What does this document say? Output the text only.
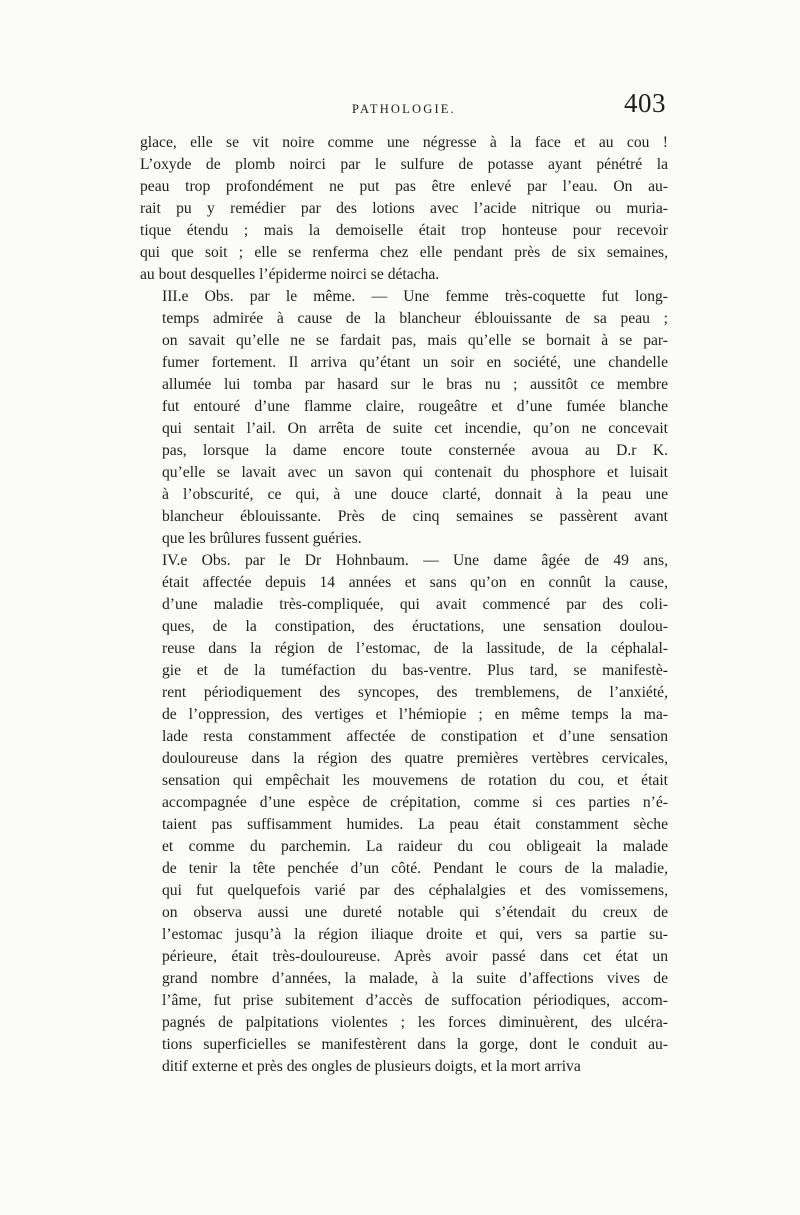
PATHOLOGIE.	403

glace, elle se vit noire comme une négresse à la face et au cou !
L’oxyde de plomb noirci par le sulfure de potasse ayant pénétré la
peau trop profondément ne put pas être enlevé par l’eau. On au-
rait pu y remédier par des lotions avec l’acide nitrique ou muria-
tique étendu ; mais la demoiselle était trop honteuse pour recevoir
qui que soit ; elle se renferma chez elle pendant près de six semaines,
au bout desquelles l’épiderme noirci se détacha.

III.e Obs. par le même. — Une femme très-coquette fut long-
temps admirée à cause de la blancheur éblouissante de sa peau ;
on savait qu’elle ne se fardait pas, mais qu’elle se bornait à se par-
fumer fortement. Il arriva qu’étant un soir en société, une chandelle
allumée lui tomba par hasard sur le bras nu ; aussitôt ce membre
fut entouré d’une flamme claire, rougeâtre et d’une fumée blanche
qui sentait l’ail. On arrêta de suite cet incendie, qu’on ne concevait
pas, lorsque la dame encore toute consternée avoua au D.r K.
qu’elle se lavait avec un savon qui contenait du phosphore et luisait
à l’obscurité, ce qui, à une douce clarté, donnait à la peau une
blancheur éblouissante. Près de cinq semaines se passèrent avant
que les brûlures fussent guéries.

IV.e Obs. par le Dr Hohnbaum. — Une dame âgée de 49 ans,
était affectée depuis 14 années et sans qu’on en connût la cause,
d’une maladie très-compliquée, qui avait commencé par des coli-
ques, de la constipation, des éructations, une sensation doulou-
reuse dans la région de l’estomac, de la lassitude, de la céphalal-
gie et de la tuméfaction du bas-ventre. Plus tard, se manifestè-
rent périodiquement des syncopes, des tremblemens, de l’anxiété,
de l’oppression, des vertiges et l’hémiopie ; en même temps la ma-
lade resta constamment affectée de constipation et d’une sensation
douloureuse dans la région des quatre premières vertèbres cervicales,
sensation qui empêchait les mouvemens de rotation du cou, et était
accompagnée d’une espèce de crépitation, comme si ces parties n’é-
taient pas suffisamment humides. La peau était constamment sèche
et comme du parchemin. La raideur du cou obligeait la malade
de tenir la tête penchée d’un côté. Pendant le cours de la maladie,
qui fut quelquefois varié par des céphalalgies et des vomissemens,
on observa aussi une dureté notable qui s’étendait du creux de
l’estomac jusqu’à la région iliaque droite et qui, vers sa partie su-
périeure, était très-douloureuse. Après avoir passé dans cet état un
grand nombre d’années, la malade, à la suite d’affections vives de
l’âme, fut prise subitement d’accès de suffocation périodiques, accom-
pagnés de palpitations violentes ; les forces diminuèrent, des ulcéra-
tions superficielles se manifestèrent dans la gorge, dont le conduit au-
ditif externe et près des ongles de plusieurs doigts, et la mort arriva
